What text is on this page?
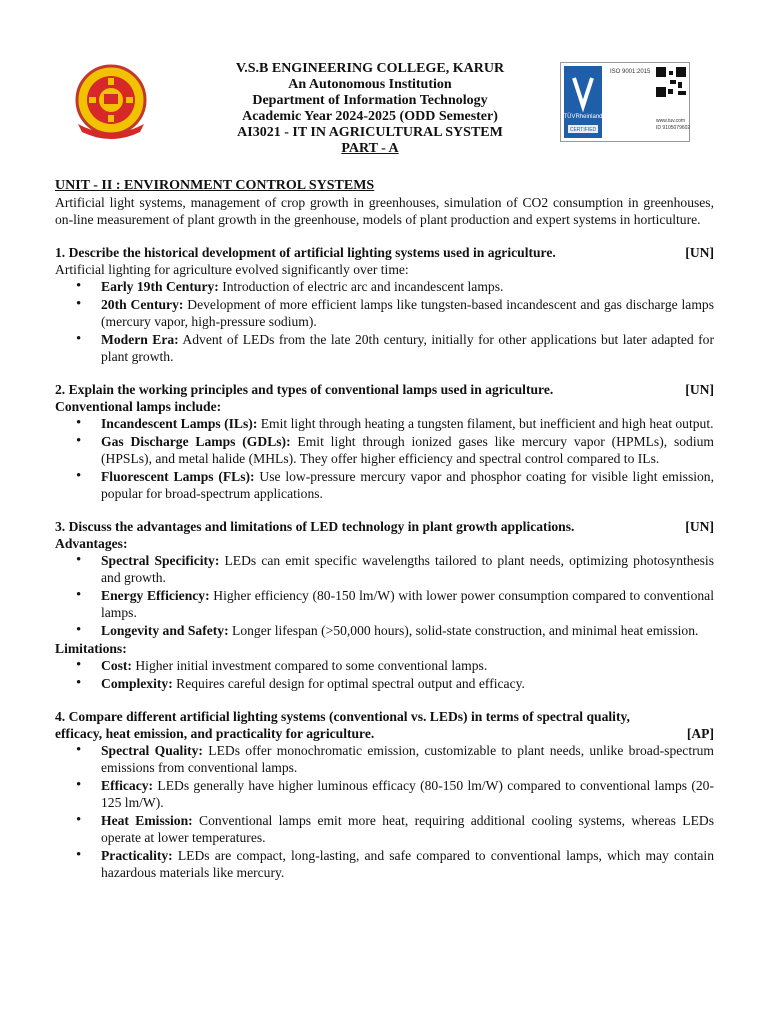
V.S.B ENGINEERING COLLEGE, KARUR
An Autonomous Institution
Department of Information Technology
Academic Year 2024-2025 (ODD Semester)
AI3021 - IT IN AGRICULTURAL SYSTEM
PART - A
TÜVRheinland
CERTIFIED
ISO 9001:2015
www.tuv.com
ID 9105079602
UNIT - II : ENVIRONMENT CONTROL SYSTEMS

Artificial light systems, management of crop growth in greenhouses, simulation of CO2 consumption in greenhouses, on-line measurement of plant growth in the greenhouse, models of plant production and expert systems in horticulture.

1. Describe the historical development of artificial lighting systems used in agriculture.	[UN]

Artificial lighting for agriculture evolved significantly over time:

• Early 19th Century: Introduction of electric arc and incandescent lamps.
• 20th Century: Development of more efficient lamps like tungsten-based incandescent and gas discharge lamps (mercury vapor, high-pressure sodium).
• Modern Era: Advent of LEDs from the late 20th century, initially for other applications but later adapted for plant growth.
2. Explain the working principles and types of conventional lamps used in agriculture.	[UN]

Conventional lamps include:

• Incandescent Lamps (ILs): Emit light through heating a tungsten filament, but inefficient and high heat output.
• Gas Discharge Lamps (GDLs): Emit light through ionized gases like mercury vapor (HPMLs), sodium (HPSLs), and metal halide (MHLs). They offer higher efficiency and spectral control compared to ILs.
• Fluorescent Lamps (FLs): Use low-pressure mercury vapor and phosphor coating for visible light emission, popular for broad-spectrum applications.
3. Discuss the advantages and limitations of LED technology in plant growth applications.	[UN]

Advantages:

• Spectral Specificity: LEDs can emit specific wavelengths tailored to plant needs, optimizing photosynthesis and growth.
• Energy Efficiency: Higher efficiency (80-150 lm/W) with lower power consumption compared to conventional lamps.
• Longevity and Safety: Longer lifespan (>50,000 hours), solid-state construction, and minimal heat emission.

Limitations:

• Cost: Higher initial investment compared to some conventional lamps.
• Complexity: Requires careful design for optimal spectral output and efficacy.
4. Compare different artificial lighting systems (conventional vs. LEDs) in terms of spectral quality,
efficacy, heat emission, and practicality for agriculture.	[AP]
• Spectral Quality: LEDs offer monochromatic emission, customizable to plant needs, unlike broad-spectrum emissions from conventional lamps.
• Efficacy: LEDs generally have higher luminous efficacy (80-150 lm/W) compared to conventional lamps (20-125 lm/W).
• Heat Emission: Conventional lamps emit more heat, requiring additional cooling systems, whereas LEDs operate at lower temperatures.
• Practicality: LEDs are compact, long-lasting, and safe compared to conventional lamps, which may contain hazardous materials like mercury.
